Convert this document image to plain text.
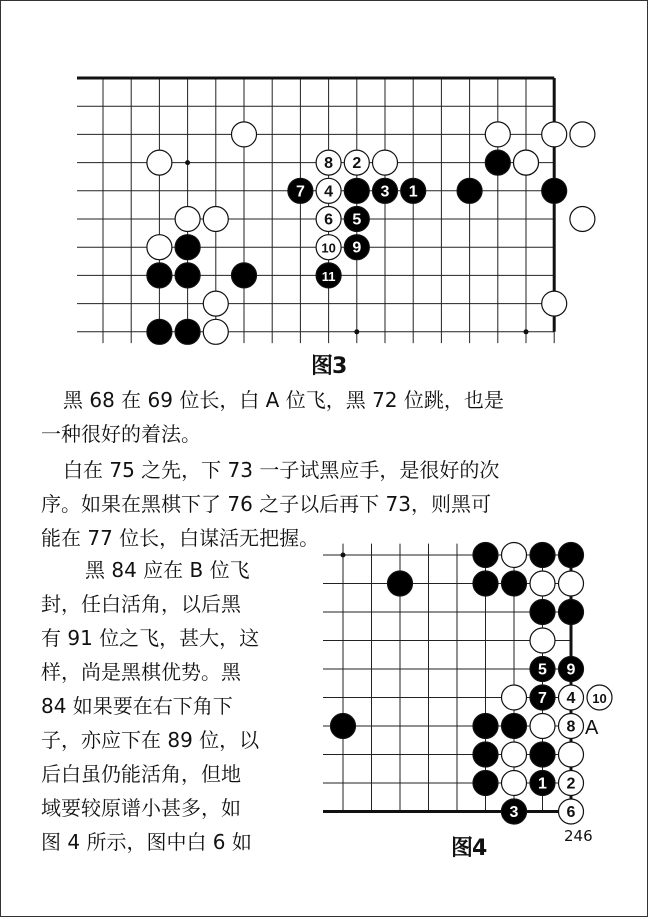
1
2
3
4
5
6
7
8
9
10
11
图3

黑 68 在 69 位长，白 A 位飞，黑 72 位跳，也是

一种很好的着法。

白在 75 之先，下 73 一子试黑应手，是很好的次

序。如果在黑棋下了 76 之子以后再下 73，则黑可

能在 77 位长，白谋活无把握。

黑 84 应在 B 位飞

封，任白活角，以后黑

有 91 位之飞，甚大，这

样，尚是黑棋优势。黑

84 如果要在右下角下

子，亦应下在 89 位，以

后白虽仍能活角，但地

域要较原谱小甚多，如

图 4 所示，图中白 6 如

1 2
3
4
5
6
7
8
9
10
A
图4	246
